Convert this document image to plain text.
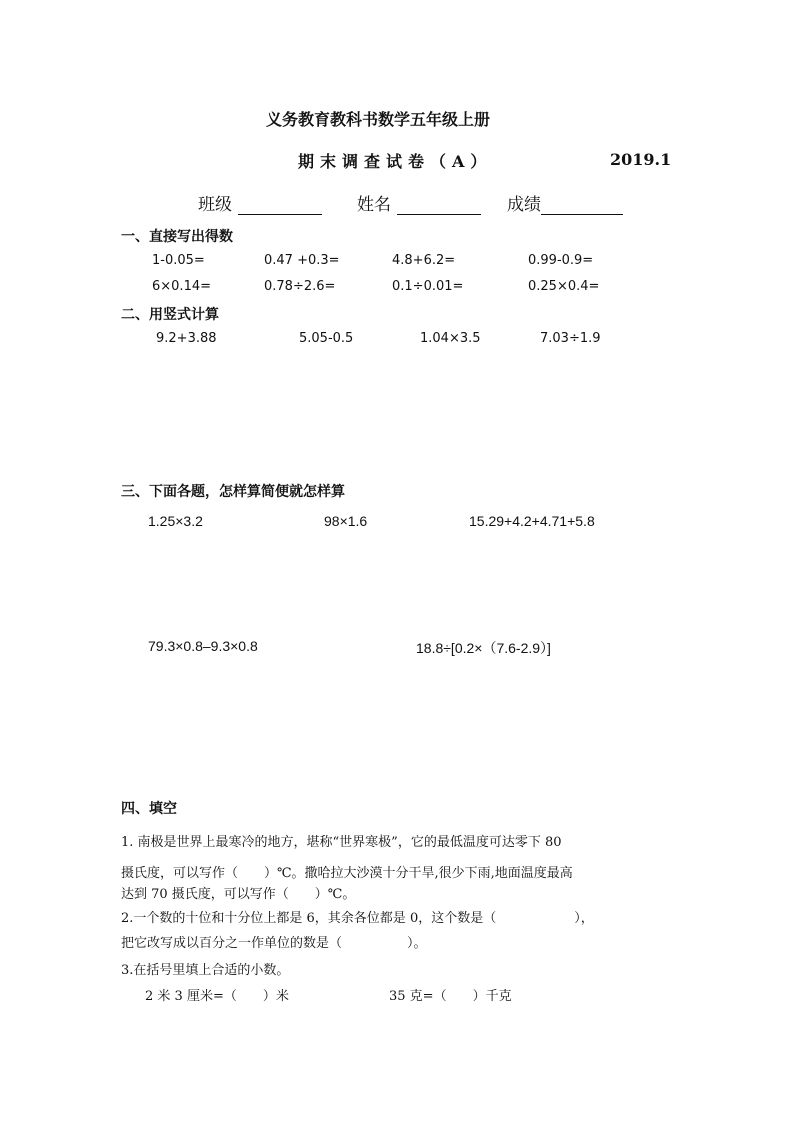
义务教育教科书数学五年级上册
期末调查试卷（A）	2019.1
班级	姓名	成绩
一、直接写出得数
1-0.05=	0.47 +0.3=	4.8+6.2=	0.99-0.9=
6×0.14=	0.78÷2.6=	0.1÷0.01=	0.25×0.4=
二、用竖式计算
9.2+3.88	5.05-0.5	1.04×3.5	7.03÷1.9
三、下面各题，怎样算简便就怎样算
1.25×3.2	98×1.6	15.29+4.2+4.71+5.8
79.3×0.8–9.3×0.8	18.8÷[0.2×（7.6-2.9）]
四、填空
1. 南极是世界上最寒冷的地方，堪称“世界寒极”，它的最低温度可达零下 80
摄氏度，可以写作（　　）℃。撒哈拉大沙漠十分干旱,很少下雨,地面温度最高
达到 70 摄氏度，可以写作（　　）℃。
2.一个数的十位和十分位上都是 6，其余各位都是 0，这个数是（　　　　　　），
把它改写成以百分之一作单位的数是（　　　　　）。
3.在括号里填上合适的小数。
2 米 3 厘米=（　　）米	35 克=（　　）千克
